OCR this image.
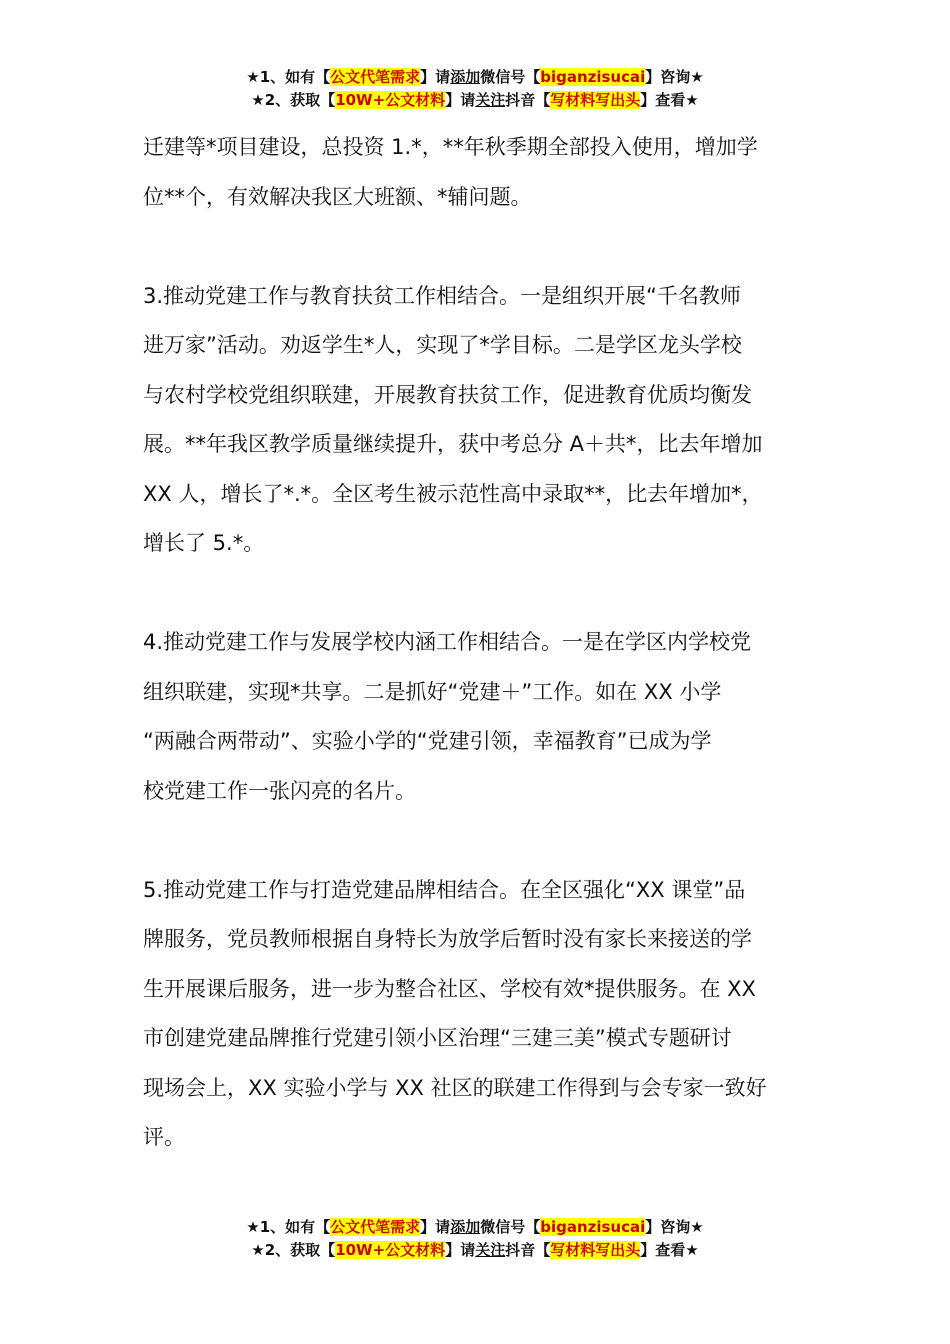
★1、如有【公文代笔需求】请添加微信号【biganzisucai】咨询★
★2、获取【10W+公文材料】请关注抖音【写材料写出头】查看★
迁建等*项目建设，总投资 1.*，**年秋季期全部投入使用，增加学
位**个，有效解决我区大班额、*辅问题。
3.推动党建工作与教育扶贫工作相结合。一是组织开展“千名教师
进万家”活动。劝返学生*人，实现了*学目标。二是学区龙头学校
与农村学校党组织联建，开展教育扶贫工作，促进教育优质均衡发
展。**年我区教学质量继续提升，获中考总分 A＋共*，比去年增加
XX 人，增长了*.*。全区考生被示范性高中录取**，比去年增加*，
增长了 5.*。
4.推动党建工作与发展学校内涵工作相结合。一是在学区内学校党
组织联建，实现*共享。二是抓好“党建＋”工作。如在 XX 小学
“两融合两带动”、实验小学的“党建引领，幸福教育”已成为学
校党建工作一张闪亮的名片。
5.推动党建工作与打造党建品牌相结合。在全区强化“XX 课堂”品
牌服务，党员教师根据自身特长为放学后暂时没有家长来接送的学
生开展课后服务，进一步为整合社区、学校有效*提供服务。在 XX
市创建党建品牌推行党建引领小区治理“三建三美”模式专题研讨
现场会上，XX 实验小学与 XX 社区的联建工作得到与会专家一致好
评。
★1、如有【公文代笔需求】请添加微信号【biganzisucai】咨询★
★2、获取【10W+公文材料】请关注抖音【写材料写出头】查看★
